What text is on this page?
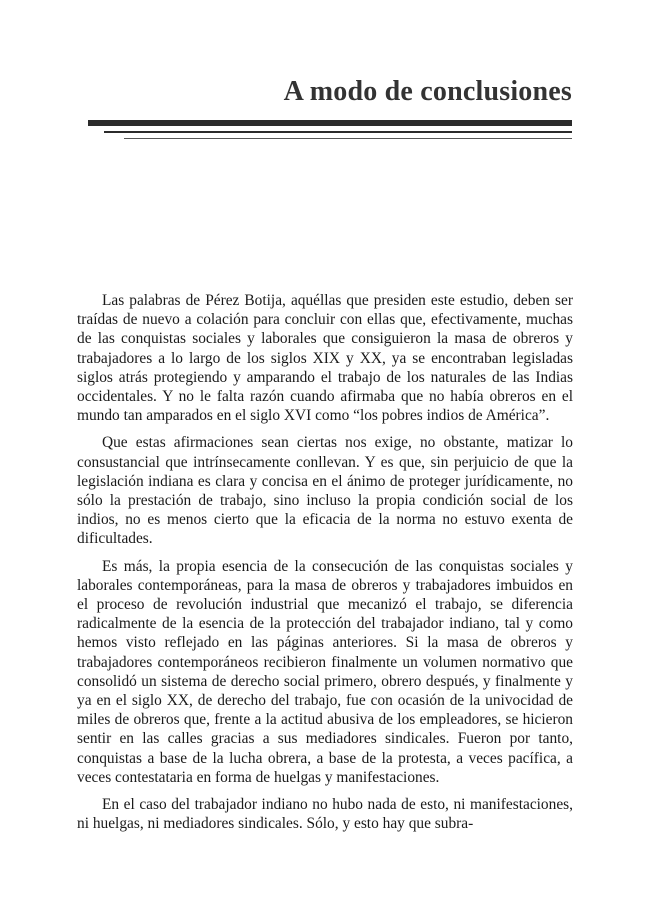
A modo de conclusiones

Las palabras de Pérez Botija, aquéllas que presiden este estudio, deben ser traídas de nuevo a colación para concluir con ellas que, efectivamente, muchas de las conquistas sociales y laborales que consiguieron la masa de obreros y trabajadores a lo largo de los siglos XIX y XX, ya se encontraban legisladas siglos atrás protegiendo y amparando el trabajo de los naturales de las Indias occidentales. Y no le falta razón cuando afirmaba que no había obreros en el mundo tan amparados en el siglo XVI como “los pobres indios de América”.

Que estas afirmaciones sean ciertas nos exige, no obstante, matizar lo consustancial que intrínsecamente conllevan. Y es que, sin perjuicio de que la legislación indiana es clara y concisa en el ánimo de proteger jurídicamente, no sólo la prestación de trabajo, sino incluso la propia condición social de los indios, no es menos cierto que la eficacia de la norma no estuvo exenta de dificultades.

Es más, la propia esencia de la consecución de las conquistas sociales y laborales contemporáneas, para la masa de obreros y trabajadores imbuidos en el proceso de revolución industrial que mecanizó el trabajo, se diferencia radicalmente de la esencia de la protección del trabajador indiano, tal y como hemos visto reflejado en las páginas anteriores. Si la masa de obreros y trabajadores contemporáneos recibieron finalmente un volumen normativo que consolidó un sistema de derecho social primero, obrero después, y finalmente y ya en el siglo XX, de derecho del trabajo, fue con ocasión de la univocidad de miles de obreros que, frente a la actitud abusiva de los empleadores, se hicieron sentir en las calles gracias a sus mediadores sindicales. Fueron por tanto, conquistas a base de la lucha obrera, a base de la protesta, a veces pacífica, a veces contestataria en forma de huelgas y manifestaciones.

En el caso del trabajador indiano no hubo nada de esto, ni manifestaciones, ni huelgas, ni mediadores sindicales. Sólo, y esto hay que subra-
